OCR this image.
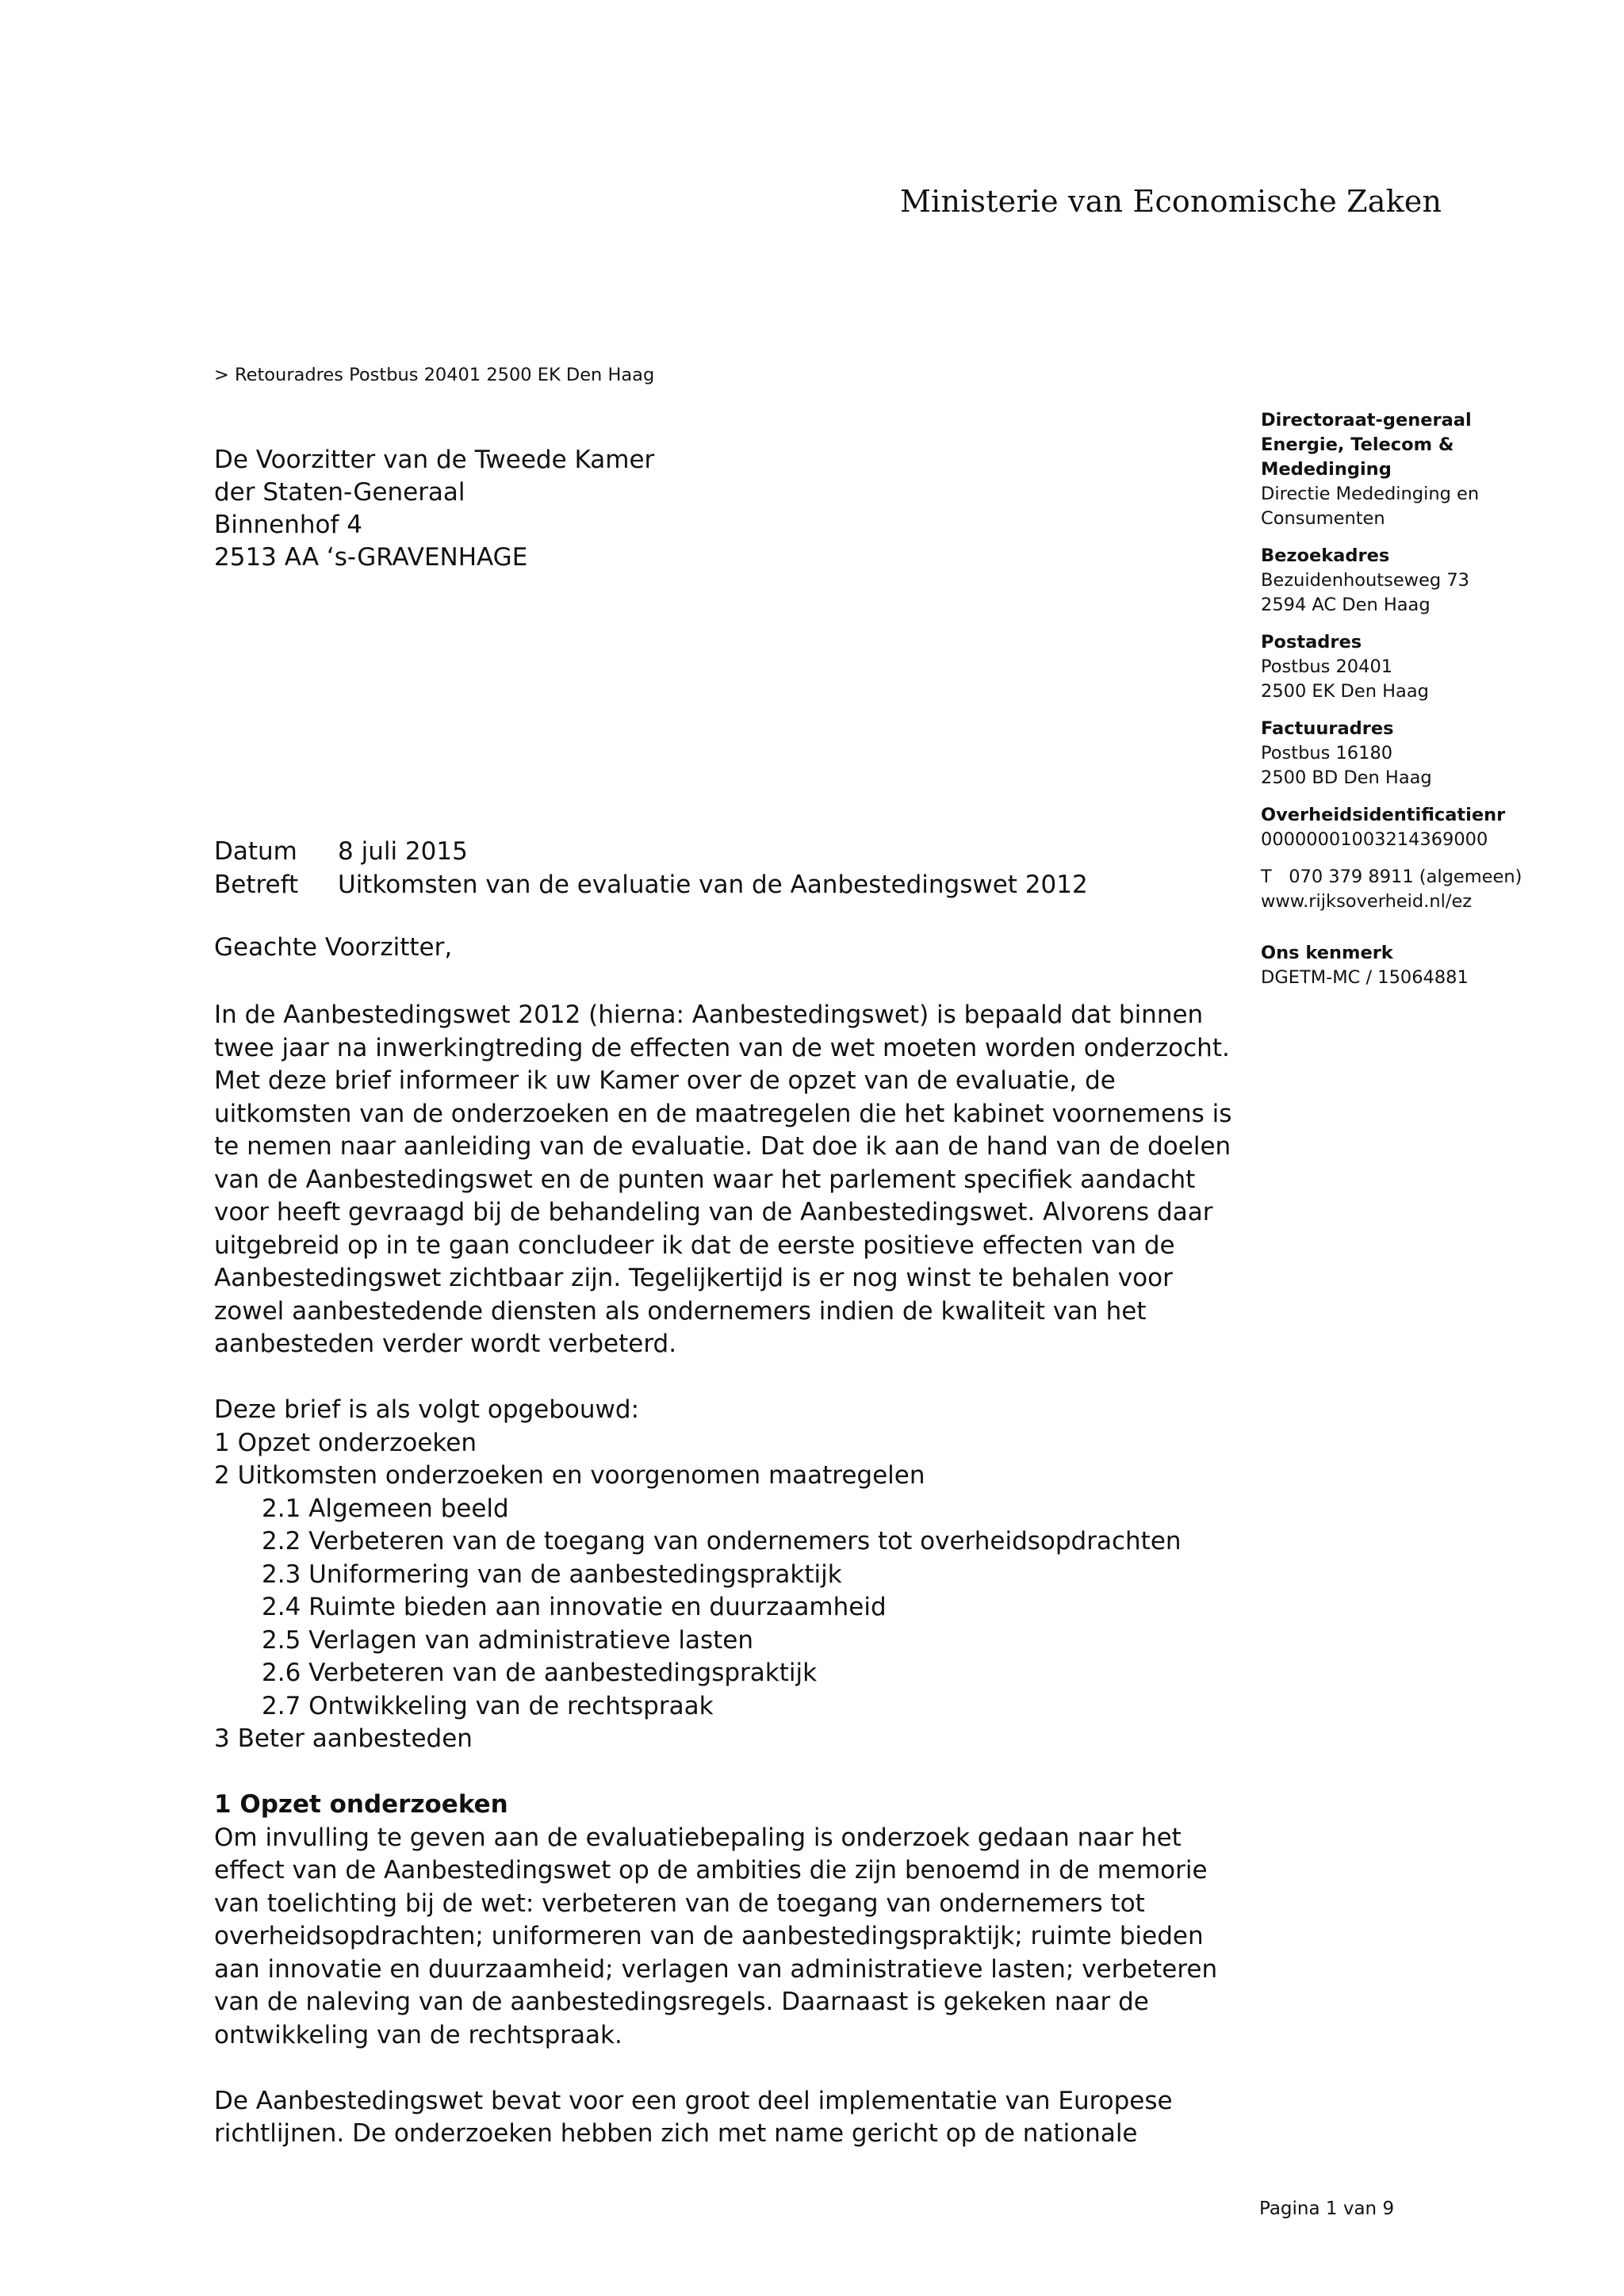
Ministerie van Economische Zaken
> Retouradres Postbus 20401 2500 EK Den Haag
De Voorzitter van de Tweede Kamer
der Staten-Generaal
Binnenhof 4
2513 AA ‘s-GRAVENHAGE
Directoraat-generaal
Energie, Telecom &
Mededinging
Directie Mededinging en
Consumenten
Bezoekadres
Bezuidenhoutseweg 73
2594 AC Den Haag
Postadres
Postbus 20401
2500 EK Den Haag
Factuuradres
Postbus 16180
2500 BD Den Haag
Overheidsidentificatienr
00000001003214369000
T   070 379 8911 (algemeen)
www.rijksoverheid.nl/ez
Ons kenmerk
DGETM-MC / 15064881
Datum	8 juli 2015
Betreft	Uitkomsten van de evaluatie van de Aanbestedingswet 2012
Geachte Voorzitter,
In de Aanbestedingswet 2012 (hierna: Aanbestedingswet) is bepaald dat binnen
twee jaar na inwerkingtreding de effecten van de wet moeten worden onderzocht.
Met deze brief informeer ik uw Kamer over de opzet van de evaluatie, de
uitkomsten van de onderzoeken en de maatregelen die het kabinet voornemens is
te nemen naar aanleiding van de evaluatie. Dat doe ik aan de hand van de doelen
van de Aanbestedingswet en de punten waar het parlement specifiek aandacht
voor heeft gevraagd bij de behandeling van de Aanbestedingswet. Alvorens daar
uitgebreid op in te gaan concludeer ik dat de eerste positieve effecten van de
Aanbestedingswet zichtbaar zijn. Tegelijkertijd is er nog winst te behalen voor
zowel aanbestedende diensten als ondernemers indien de kwaliteit van het
aanbesteden verder wordt verbeterd.
Deze brief is als volgt opgebouwd:
1 Opzet onderzoeken
2 Uitkomsten onderzoeken en voorgenomen maatregelen
2.1 Algemeen beeld
2.2 Verbeteren van de toegang van ondernemers tot overheidsopdrachten
2.3 Uniformering van de aanbestedingspraktijk
2.4 Ruimte bieden aan innovatie en duurzaamheid
2.5 Verlagen van administratieve lasten
2.6 Verbeteren van de aanbestedingspraktijk
2.7 Ontwikkeling van de rechtspraak
3 Beter aanbesteden
1 Opzet onderzoeken
Om invulling te geven aan de evaluatiebepaling is onderzoek gedaan naar het
effect van de Aanbestedingswet op de ambities die zijn benoemd in de memorie
van toelichting bij de wet: verbeteren van de toegang van ondernemers tot
overheidsopdrachten; uniformeren van de aanbestedingspraktijk; ruimte bieden
aan innovatie en duurzaamheid; verlagen van administratieve lasten; verbeteren
van de naleving van de aanbestedingsregels. Daarnaast is gekeken naar de
ontwikkeling van de rechtspraak.
De Aanbestedingswet bevat voor een groot deel implementatie van Europese
richtlijnen. De onderzoeken hebben zich met name gericht op de nationale
Pagina 1 van 9
